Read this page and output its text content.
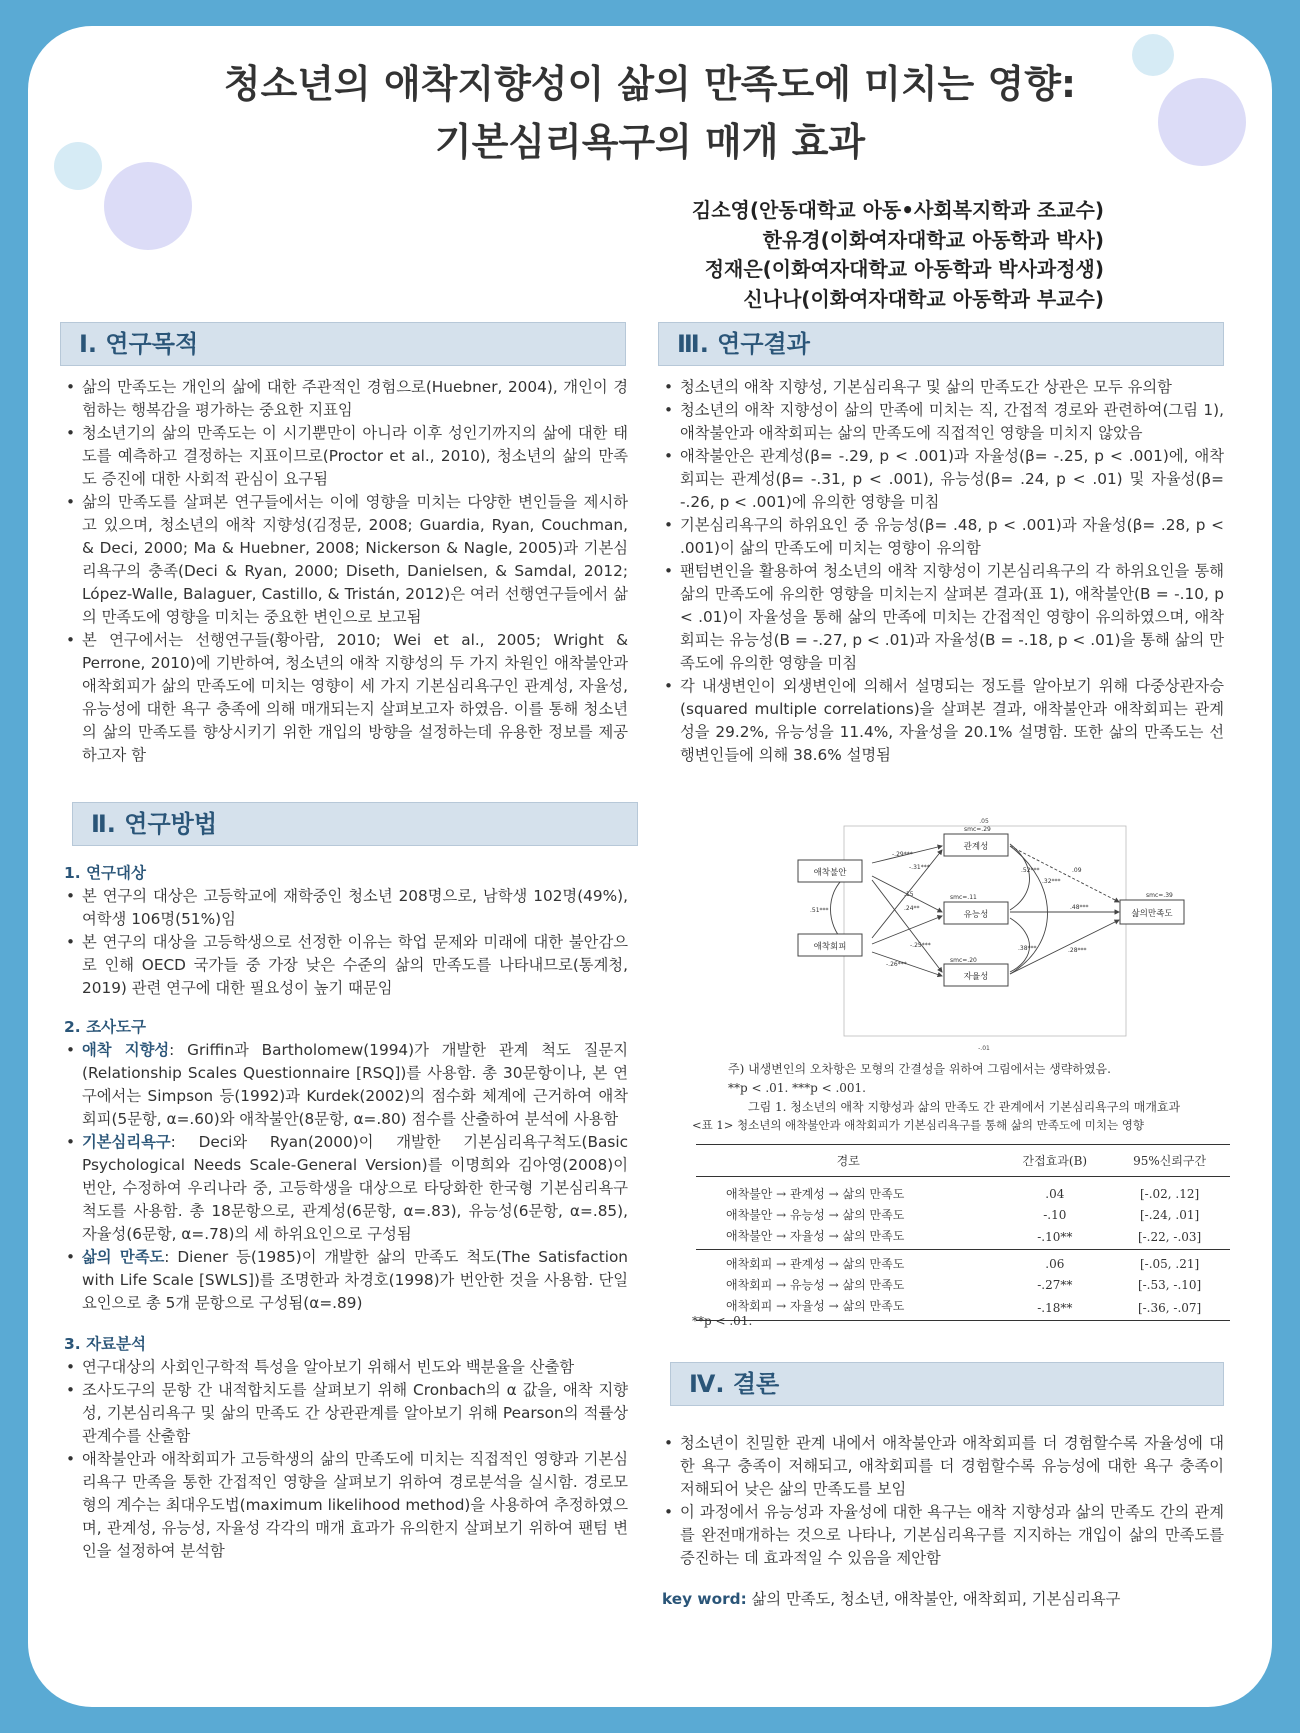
청소년의 애착지향성이 삶의 만족도에 미치는 영향:
기본심리욕구의 매개 효과
김소영(안동대학교 아동•사회복지학과 조교수)
한유경(이화여자대학교 아동학과 박사)
정재은(이화여자대학교 아동학과 박사과정생)
신나나(이화여자대학교 아동학과 부교수)
Ⅰ. 연구목적
• 삶의 만족도는 개인의 삶에 대한 주관적인 경험으로(Huebner, 2004), 개인이 경험하는 행복감을 평가하는 중요한 지표임
• 청소년기의 삶의 만족도는 이 시기뿐만이 아니라 이후 성인기까지의 삶에 대한 태도를 예측하고 결정하는 지표이므로(Proctor et al., 2010), 청소년의 삶의 만족도 증진에 대한 사회적 관심이 요구됨
• 삶의 만족도를 살펴본 연구들에서는 이에 영향을 미치는 다양한 변인들을 제시하고 있으며, 청소년의 애착 지향성(김정문, 2008; Guardia, Ryan, Couchman, & Deci, 2000; Ma & Huebner, 2008; Nickerson & Nagle, 2005)과 기본심리욕구의 충족(Deci & Ryan, 2000; Diseth, Danielsen, & Samdal, 2012; López-Walle, Balaguer, Castillo, & Tristán, 2012)은 여러 선행연구들에서 삶의 만족도에 영향을 미치는 중요한 변인으로 보고됨
• 본 연구에서는 선행연구들(황아람, 2010; Wei et al., 2005; Wright & Perrone, 2010)에 기반하여, 청소년의 애착 지향성의 두 가지 차원인 애착불안과 애착회피가 삶의 만족도에 미치는 영향이 세 가지 기본심리욕구인 관계성, 자율성, 유능성에 대한 욕구 충족에 의해 매개되는지 살펴보고자 하였음. 이를 통해 청소년의 삶의 만족도를 향상시키기 위한 개입의 방향을 설정하는데 유용한 정보를 제공하고자 함
Ⅱ. 연구방법
1. 연구대상
• 본 연구의 대상은 고등학교에 재학중인 청소년 208명으로, 남학생 102명(49%), 여학생 106명(51%)임
• 본 연구의 대상을 고등학생으로 선정한 이유는 학업 문제와 미래에 대한 불안감으로 인해 OECD 국가들 중 가장 낮은 수준의 삶의 만족도를 나타내므로(통계청, 2019) 관련 연구에 대한 필요성이 높기 때문임
2. 조사도구
• 애착 지향성: Griffin과 Bartholomew(1994)가 개발한 관계 척도 질문지(Relationship Scales Questionnaire [RSQ])를 사용함. 총 30문항이나, 본 연구에서는 Simpson 등(1992)과 Kurdek(2002)의 점수화 체계에 근거하여 애착회피(5문항, α=.60)와 애착불안(8문항, α=.80) 점수를 산출하여 분석에 사용함
• 기본심리욕구: Deci와 Ryan(2000)이 개발한 기본심리욕구척도(Basic Psychological Needs Scale-General Version)를 이명희와 김아영(2008)이 번안, 수정하여 우리나라 중, 고등학생을 대상으로 타당화한 한국형 기본심리욕구 척도를 사용함. 총 18문항으로, 관계성(6문항, α=.83), 유능성(6문항, α=.85), 자율성(6문항, α=.78)의 세 하위요인으로 구성됨
• 삶의 만족도: Diener 등(1985)이 개발한 삶의 만족도 척도(The Satisfaction with Life Scale [SWLS])를 조명한과 차경호(1998)가 번안한 것을 사용함. 단일요인으로 총 5개 문항으로 구성됨(α=.89)
3. 자료분석
• 연구대상의 사회인구학적 특성을 알아보기 위해서 빈도와 백분율을 산출함
• 조사도구의 문항 간 내적합치도를 살펴보기 위해 Cronbach의 α 값을, 애착 지향성, 기본심리욕구 및 삶의 만족도 간 상관관계를 알아보기 위해 Pearson의 적률상관계수를 산출함
• 애착불안과 애착회피가 고등학생의 삶의 만족도에 미치는 직접적인 영향과 기본심리욕구 만족을 통한 간접적인 영향을 살펴보기 위하여 경로분석을 실시함. 경로모형의 계수는 최대우도법(maximum likelihood method)을 사용하여 추정하였으며, 관계성, 유능성, 자율성 각각의 매개 효과가 유의한지 살펴보기 위하여 팬텀 변인을 설정하여 분석함
Ⅲ. 연구결과
• 청소년의 애착 지향성, 기본심리욕구 및 삶의 만족도간 상관은 모두 유의함
• 청소년의 애착 지향성이 삶의 만족에 미치는 직, 간접적 경로와 관련하여(그림 1), 애착불안과 애착회피는 삶의 만족도에 직접적인 영향을 미치지 않았음
• 애착불안은 관계성(β= -.29, p < .001)과 자율성(β= -.25, p < .001)에, 애착회피는 관계성(β= -.31, p < .001), 유능성(β= .24, p < .01) 및 자율성(β= -.26, p < .001)에 유의한 영향을 미침
• 기본심리욕구의 하위요인 중 유능성(β= .48, p < .001)과 자율성(β= .28, p < .001)이 삶의 만족도에 미치는 영향이 유의함
• 팬텀변인을 활용하여 청소년의 애착 지향성이 기본심리욕구의 각 하위요인을 통해 삶의 만족도에 유의한 영향을 미치는지 살펴본 결과(표 1), 애착불안(B = -.10, p < .01)이 자율성을 통해 삶의 만족에 미치는 간접적인 영향이 유의하였으며, 애착회피는 유능성(B = -.27, p < .01)과 자율성(B = -.18, p < .01)을 통해 삶의 만족도에 유의한 영향을 미침
• 각 내생변인이 외생변인에 의해서 설명되는 정도를 알아보기 위해 다중상관자승(squared multiple correlations)을 살펴본 결과, 애착불안과 애착회피는 관계성을 29.2%, 유능성을 11.4%, 자율성을 20.1% 설명함. 또한 삶의 만족도는 선행변인들에 의해 38.6% 설명됨
.05
-.01
애착불안
애착회피
관계성
유능성
자율성
삶의만족도
smc=.29
smc=.11
smc=.20
smc=.39
.51***
-.29***
-.31***
.15
.24**
-.25***
-.26***
.09
.48***
.28***
.52***
.32***
.38***
주) 내생변인의 오차항은 모형의 간결성을 위하여 그림에서는 생략하였음.
**p < .01. ***p < .001.
그림 1. 청소년의 애착 지향성과 삶의 만족도 간 관계에서 기본심리욕구의 매개효과
<표 1> 청소년의 애착불안과 애착회피가 기본심리욕구를 통해 삶의 만족도에 미치는 영향
경로	간접효과(B)	95%신뢰구간
애착불안 → 관계성 → 삶의 만족도	.04	[-.02, .12]
애착불안 → 유능성 → 삶의 만족도	-.10	[-.24, .01]
애착불안 → 자율성 → 삶의 만족도	-.10**	[-.22, -.03]
애착회피 → 관계성 → 삶의 만족도	.06	[-.05, .21]
애착회피 → 유능성 → 삶의 만족도	-.27**	[-.53, -.10]
애착회피 → 자율성 → 삶의 만족도	-.18**	[-.36, -.07]
**p < .01.
Ⅳ. 결론
• 청소년이 친밀한 관계 내에서 애착불안과 애착회피를 더 경험할수록 자율성에 대한 욕구 충족이 저해되고, 애착회피를 더 경험할수록 유능성에 대한 욕구 충족이 저해되어 낮은 삶의 만족도를 보임
• 이 과정에서 유능성과 자율성에 대한 욕구는 애착 지향성과 삶의 만족도 간의 관계를 완전매개하는 것으로 나타나, 기본심리욕구를 지지하는 개입이 삶의 만족도를 증진하는 데 효과적일 수 있음을 제안함
key word: 삶의 만족도, 청소년, 애착불안, 애착회피, 기본심리욕구
